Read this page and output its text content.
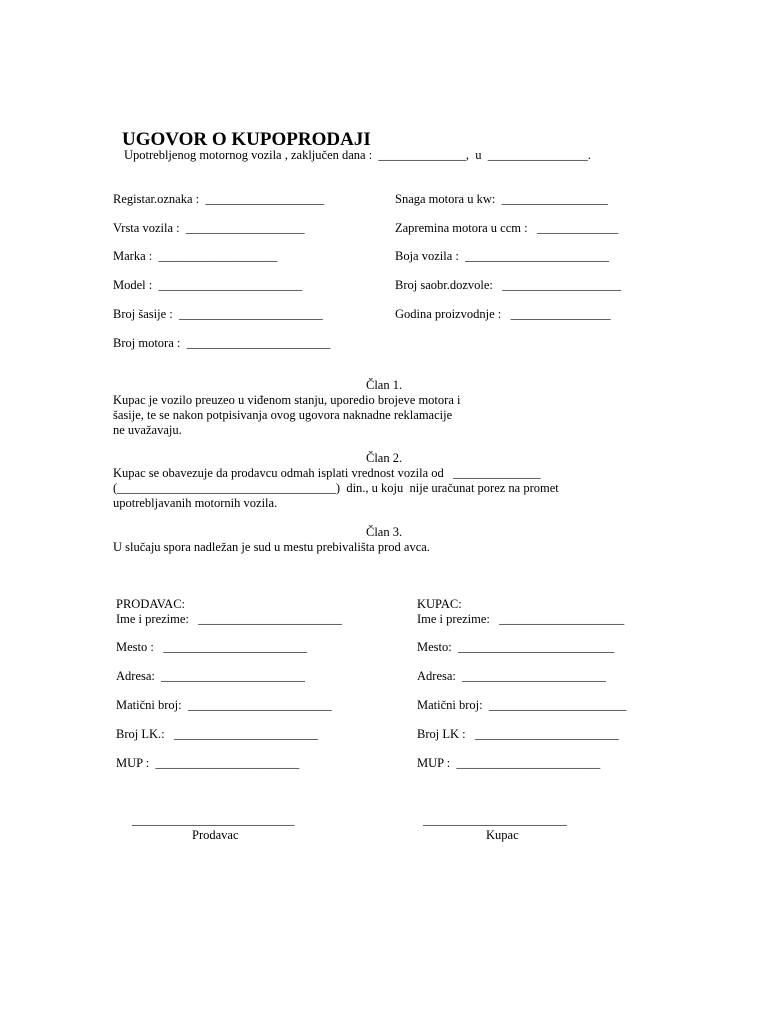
UGOVOR O KUPOPRODAJI
Upotrebljenog motornog vozila , zaključen dana :  ______________,  u  ________________.
Registar.oznaka :  ___________________
Vrsta vozila :  ___________________
Marka :  ___________________
Model :  _______________________
Broj šasije :  _______________________
Broj motora :  _______________________
Snaga motora u kw:  _________________
Zapremina motora u ccm :   _____________
Boja vozila :  _______________________
Broj saobr.dozvole:   ___________________
Godina proizvodnje :   ________________
Član 1.
Kupac je vozilo preuzeo u viđenom stanju, uporedio brojeve motora i
šasije, te se nakon potpisivanja ovog ugovora naknadne reklamacije
ne uvažavaju.
Član 2.
Kupac se obavezuje da prodavcu odmah isplati vrednost vozila od   ______________
(___________________________________)  din., u koju  nije uračunat porez na promet
upotrebljavanih motornih vozila.
Član 3.
U slučaju spora nadležan je sud u mestu prebivališta prod avca.
PRODAVAC:
Ime i prezime:   _______________________
Mesto :   _______________________
Adresa:  _______________________
Matični broj:  _______________________
Broj LK.:   _______________________
MUP :  _______________________
KUPAC:
Ime i prezime:   ____________________
Mesto:  _________________________
Adresa:  _______________________
Matični broj:  ______________________
Broj LK :   _______________________
MUP :  _______________________
__________________________
Prodavac
_______________________
Kupac
